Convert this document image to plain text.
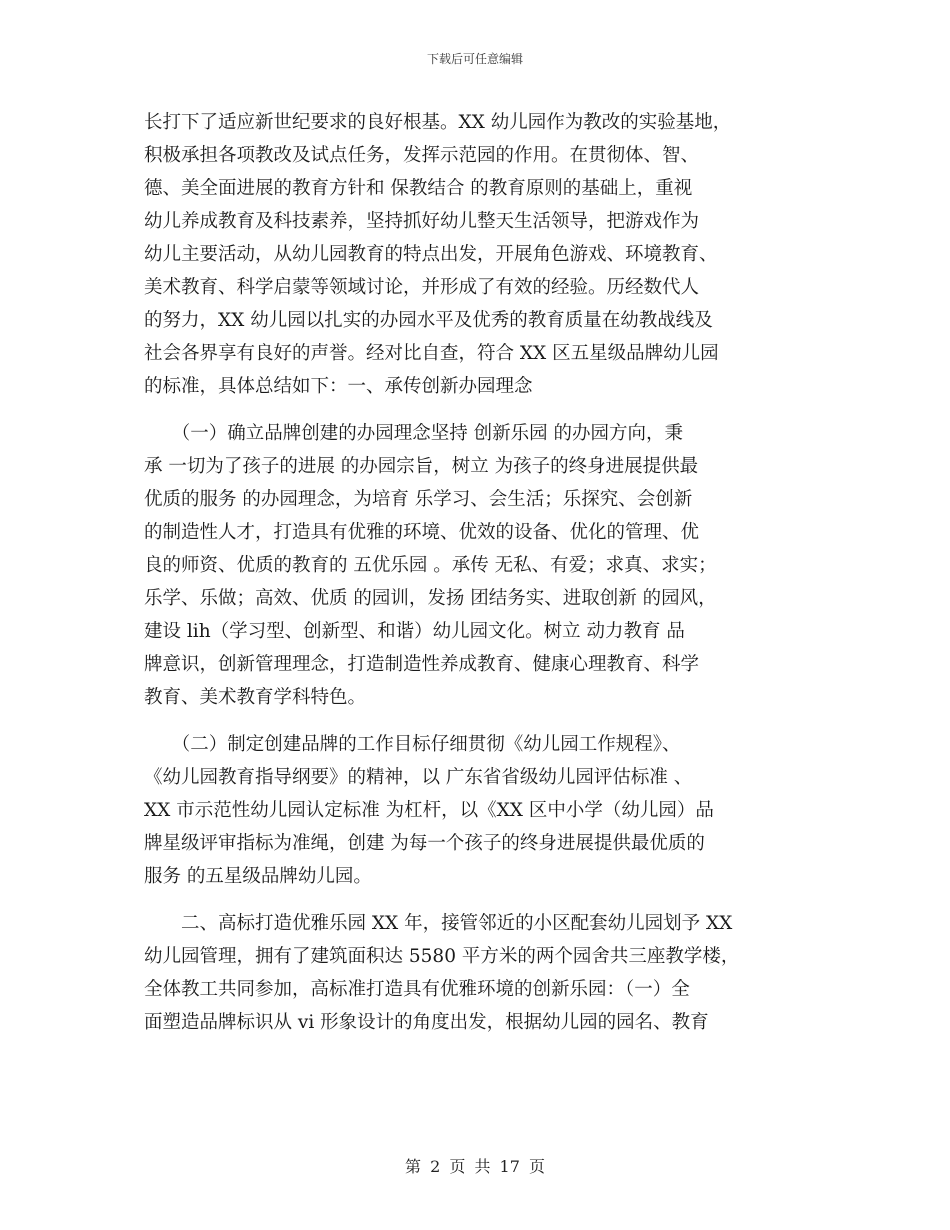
下载后可任意编辑
长打下了适应新世纪要求的良好根基。XX 幼儿园作为教改的实验基地，
积极承担各项教改及试点任务，发挥示范园的作用。在贯彻体、智、
德、美全面进展的教育方针和 保教结合 的教育原则的基础上，重视
幼儿养成教育及科技素养，坚持抓好幼儿整天生活领导，把游戏作为
幼儿主要活动，从幼儿园教育的特点出发，开展角色游戏、环境教育、
美术教育、科学启蒙等领域讨论，并形成了有效的经验。历经数代人
的努力，XX 幼儿园以扎实的办园水平及优秀的教育质量在幼教战线及
社会各界享有良好的声誉。经对比自查，符合 XX 区五星级品牌幼儿园
的标准，具体总结如下：一、承传创新办园理念
　　（一）确立品牌创建的办园理念坚持 创新乐园 的办园方向，秉
承 一切为了孩子的进展 的办园宗旨，树立 为孩子的终身进展提供最
优质的服务 的办园理念，为培育 乐学习、会生活；乐探究、会创新
的制造性人才，打造具有优雅的环境、优效的设备、优化的管理、优
良的师资、优质的教育的 五优乐园 。承传 无私、有爱；求真、求实；
乐学、乐做；高效、优质 的园训，发扬 团结务实、进取创新 的园风，
建设 lih（学习型、创新型、和谐）幼儿园文化。树立 动力教育 品
牌意识，创新管理理念，打造制造性养成教育、健康心理教育、科学
教育、美术教育学科特色。
　　（二）制定创建品牌的工作目标仔细贯彻《幼儿园工作规程》、
《幼儿园教育指导纲要》的精神，以 广东省省级幼儿园评估标准 、
XX 市示范性幼儿园认定标准 为杠杆，以《XX 区中小学（幼儿园）品
牌星级评审指标为准绳，创建 为每一个孩子的终身进展提供最优质的
服务 的五星级品牌幼儿园。
　　二、高标打造优雅乐园 XX 年，接管邻近的小区配套幼儿园划予 XX
幼儿园管理，拥有了建筑面积达 5580 平方米的两个园舍共三座教学楼，
全体教工共同参加，高标准打造具有优雅环境的创新乐园：（一）全
面塑造品牌标识从 vi 形象设计的角度出发，根据幼儿园的园名、教育
第 2 页 共 17 页
